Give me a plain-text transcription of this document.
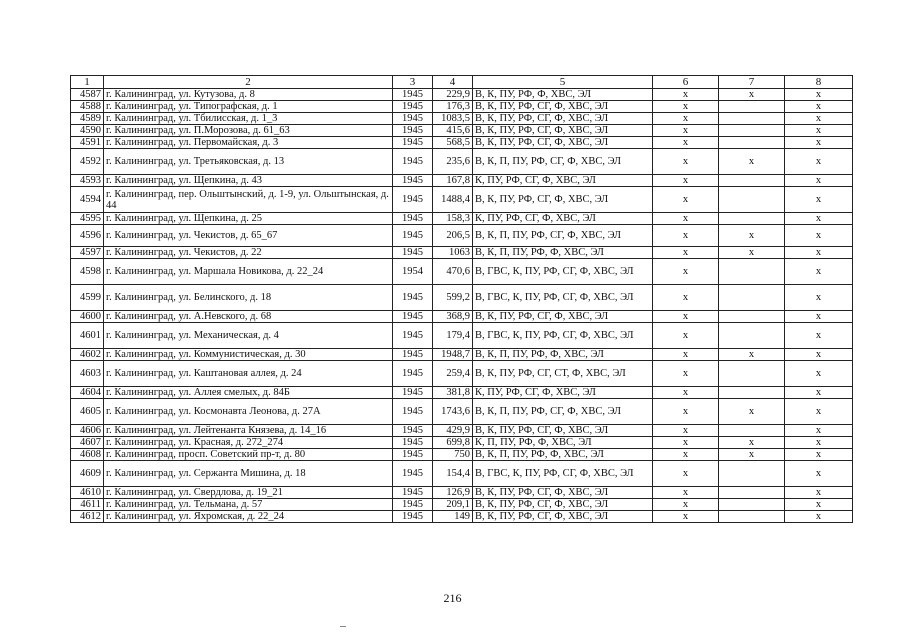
1	2	3	4	5	6	7	8
4587	г. Калининград, ул. Кутузова, д. 8	1945	229,9	В, К, ПУ, РФ, Ф, ХВС, ЭЛ	х	х	х
4588	г. Калининград, ул. Типографская, д. 1	1945	176,3	В, К, ПУ, РФ, СГ, Ф, ХВС, ЭЛ	х		х
4589	г. Калининград, ул. Тбилисская, д. 1_3	1945	1083,5	В, К, ПУ, РФ, СГ, Ф, ХВС, ЭЛ	х		х
4590	г. Калининград, ул. П.Морозова, д. 61_63	1945	415,6	В, К, ПУ, РФ, СГ, Ф, ХВС, ЭЛ	х		х
4591	г. Калининград, ул. Первомайская, д. 3	1945	568,5	В, К, ПУ, РФ, СГ, Ф, ХВС, ЭЛ	х		х
4592	г. Калининград, ул. Третьяковская, д. 13	1945	235,6	В, К, П, ПУ, РФ, СГ, Ф, ХВС, ЭЛ	х	х	х
4593	г. Калининград, ул. Щепкина, д. 43	1945	167,8	К, ПУ, РФ, СГ, Ф, ХВС, ЭЛ	х		х
4594	г. Калининград, пер. Ольштынский, д. 1-9, ул. Ольштынская, д. 44	1945	1488,4	В, К, ПУ, РФ, СГ, Ф, ХВС, ЭЛ	х		х
4595	г. Калининград, ул. Щепкина, д. 25	1945	158,3	К, ПУ, РФ, СГ, Ф, ХВС, ЭЛ	х		х
4596	г. Калининград, ул. Чекистов, д. 65_67	1945	206,5	В, К, П, ПУ, РФ, СГ, Ф, ХВС, ЭЛ	х	х	х
4597	г. Калининград, ул. Чекистов, д. 22	1945	1063	В, К, П, ПУ, РФ, Ф, ХВС, ЭЛ	х	х	х
4598	г. Калининград, ул. Маршала Новикова, д. 22_24	1954	470,6	В, ГВС, К, ПУ, РФ, СГ, Ф, ХВС, ЭЛ	х		х
4599	г. Калининград, ул. Белинского, д. 18	1945	599,2	В, ГВС, К, ПУ, РФ, СГ, Ф, ХВС, ЭЛ	х		х
4600	г. Калининград, ул. А.Невского, д. 68	1945	368,9	В, К, ПУ, РФ, СГ, Ф, ХВС, ЭЛ	х		х
4601	г. Калининград, ул. Механическая, д. 4	1945	179,4	В, ГВС, К, ПУ, РФ, СГ, Ф, ХВС, ЭЛ	х		х
4602	г. Калининград, ул. Коммунистическая, д. 30	1945	1948,7	В, К, П, ПУ, РФ, Ф, ХВС, ЭЛ	х	х	х
4603	г. Калининград, ул. Каштановая аллея, д. 24	1945	259,4	В, К, ПУ, РФ, СГ, СТ, Ф, ХВС, ЭЛ	х		х
4604	г. Калининград, ул. Аллея смелых, д. 84Б	1945	381,8	К, ПУ, РФ, СГ, Ф, ХВС, ЭЛ	х		х
4605	г. Калининград, ул. Космонавта Леонова, д. 27А	1945	1743,6	В, К, П, ПУ, РФ, СГ, Ф, ХВС, ЭЛ	х	х	х
4606	г. Калининград, ул. Лейтенанта Князева, д. 14_16	1945	429,9	В, К, ПУ, РФ, СГ, Ф, ХВС, ЭЛ	х		х
4607	г. Калининград, ул. Красная, д. 272_274	1945	699,8	К, П, ПУ, РФ, Ф, ХВС, ЭЛ	х	х	х
4608	г. Калининград, просп. Советский пр-т, д. 80	1945	750	В, К, П, ПУ, РФ, Ф, ХВС, ЭЛ	х	х	х
4609	г. Калининград, ул. Сержанта Мишина, д. 18	1945	154,4	В, ГВС, К, ПУ, РФ, СГ, Ф, ХВС, ЭЛ	х		х
4610	г. Калининград, ул. Свердлова, д. 19_21	1945	126,9	В, К, ПУ, РФ, СГ, Ф, ХВС, ЭЛ	х		х
4611	г. Калининград, ул. Тельмана, д. 57	1945	209,1	В, К, ПУ, РФ, СГ, Ф, ХВС, ЭЛ	х		х
4612	г. Калининград, ул. Яхромская, д. 22_24	1945	149	В, К, ПУ, РФ, СГ, Ф, ХВС, ЭЛ	х		х
216
